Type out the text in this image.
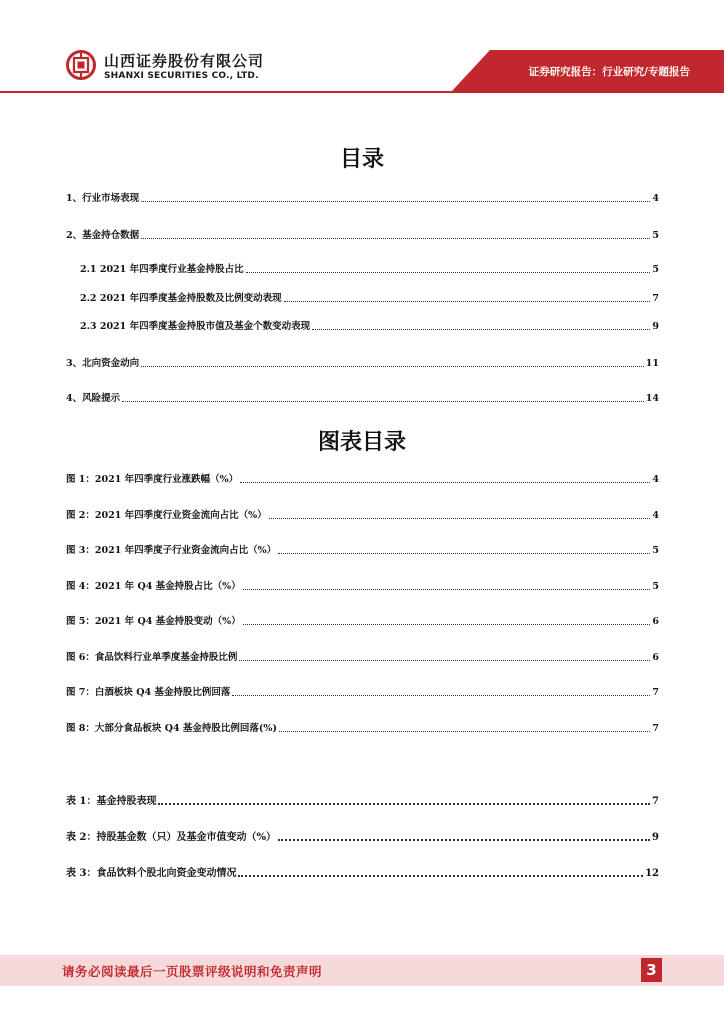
山西证券股份有限公司
SHANXI SECURITIES CO., LTD.	证券研究报告：行业研究/专题报告
目录
1、行业市场表现	4
2、基金持仓数据	5
2.1 2021 年四季度行业基金持股占比	5
2.2 2021 年四季度基金持股数及比例变动表现	7
2.3 2021 年四季度基金持股市值及基金个数变动表现	9
3、北向资金动向	11
4、风险提示	14
图表目录
图 1：2021 年四季度行业涨跌幅（%）	4
图 2：2021 年四季度行业资金流向占比（%）	4
图 3：2021 年四季度子行业资金流向占比（%）	5
图 4：2021 年 Q4 基金持股占比（%）	5
图 5：2021 年 Q4 基金持股变动（%）	6
图 6：食品饮料行业单季度基金持股比例	6
图 7：白酒板块 Q4 基金持股比例回落	7
图 8：大部分食品板块 Q4 基金持股比例回落(%)	7
表 1：基金持股表现	7
表 2：持股基金数（只）及基金市值变动（%）	9
表 3：食品饮料个股北向资金变动情况	12
请务必阅读最后一页股票评级说明和免责声明	3
